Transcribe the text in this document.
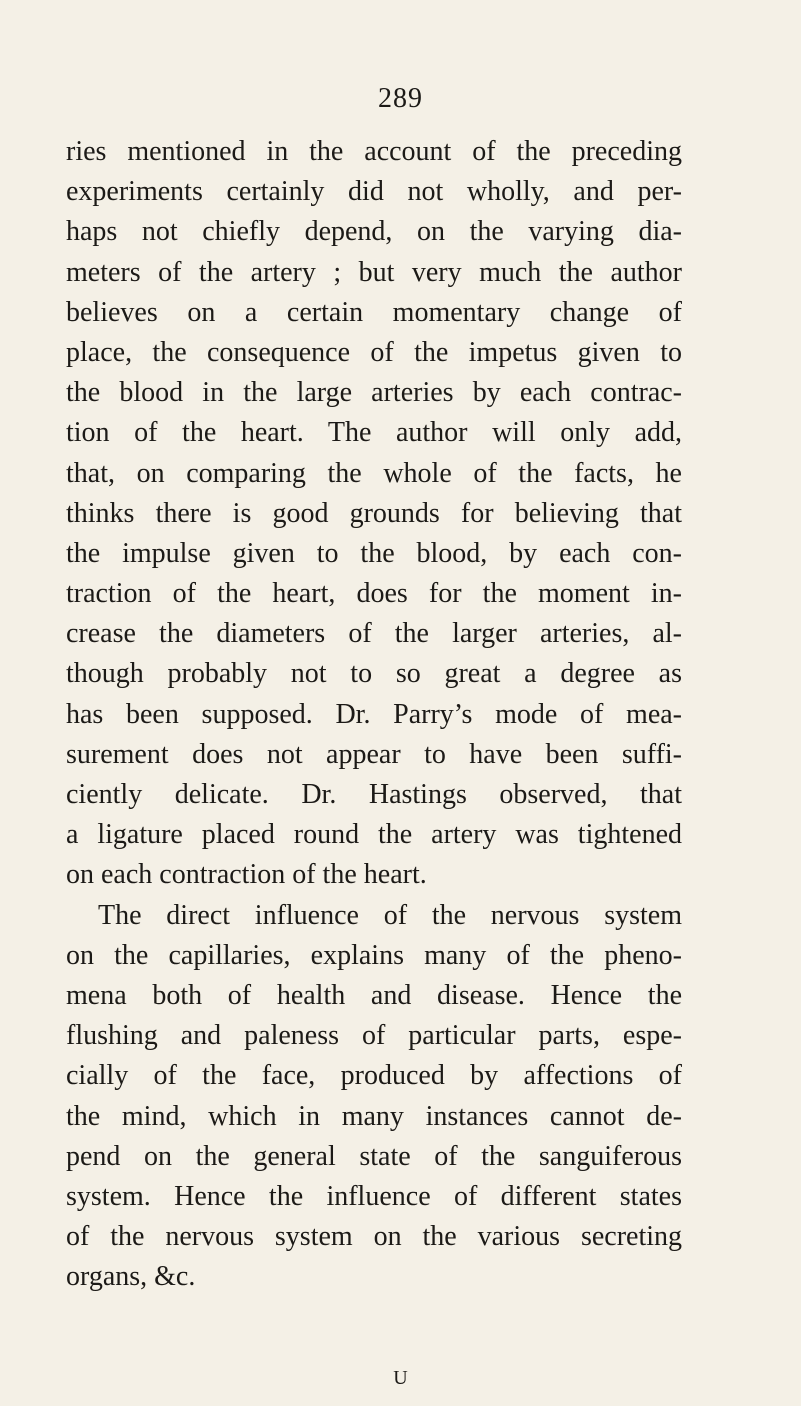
289
ries mentioned in the account of the preceding
experiments certainly did not wholly, and per-
haps not chiefly depend, on the varying dia-
meters of the artery ; but very much the author
believes on a certain momentary change of
place, the consequence of the impetus given to
the blood in the large arteries by each contrac-
tion of the heart. The author will only add,
that, on comparing the whole of the facts, he
thinks there is good grounds for believing that
the impulse given to the blood, by each con-
traction of the heart, does for the moment in-
crease the diameters of the larger arteries, al-
though probably not to so great a degree as
has been supposed. Dr. Parry’s mode of mea-
surement does not appear to have been suffi-
ciently delicate. Dr. Hastings observed, that
a ligature placed round the artery was tightened
on each contraction of the heart.
The direct influence of the nervous system
on the capillaries, explains many of the pheno-
mena both of health and disease. Hence the
flushing and paleness of particular parts, espe-
cially of the face, produced by affections of
the mind, which in many instances cannot de-
pend on the general state of the sanguiferous
system. Hence the influence of different states
of the nervous system on the various secreting
organs, &c.
U
